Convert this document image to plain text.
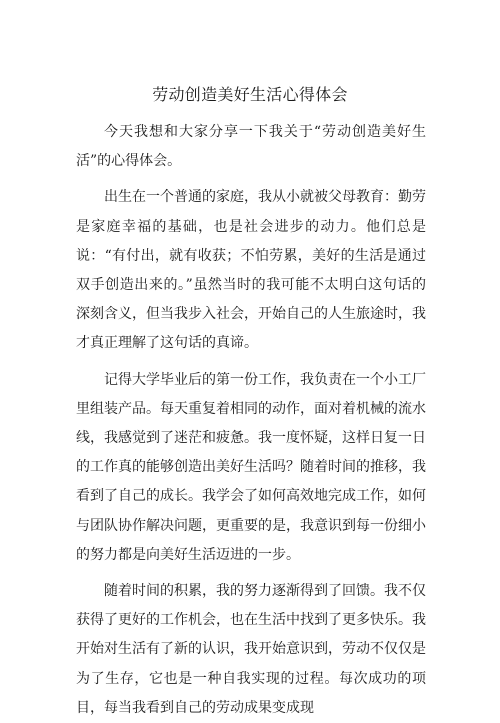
劳动创造美好生活心得体会

今天我想和大家分享一下我关于“劳动创造美好生活”的心得体会。

出生在一个普通的家庭，我从小就被父母教育：勤劳是家庭幸福的基础，也是社会进步的动力。他们总是说：“有付出，就有收获；不怕劳累，美好的生活是通过双手创造出来的。”虽然当时的我可能不太明白这句话的深刻含义，但当我步入社会，开始自己的人生旅途时，我才真正理解了这句话的真谛。

记得大学毕业后的第一份工作，我负责在一个小工厂里组装产品。每天重复着相同的动作，面对着机械的流水线，我感觉到了迷茫和疲惫。我一度怀疑，这样日复一日的工作真的能够创造出美好生活吗？随着时间的推移，我看到了自己的成长。我学会了如何高效地完成工作，如何与团队协作解决问题，更重要的是，我意识到每一份细小的努力都是向美好生活迈进的一步。

随着时间的积累，我的努力逐渐得到了回馈。我不仅获得了更好的工作机会，也在生活中找到了更多快乐。我开始对生活有了新的认识，我开始意识到，劳动不仅仅是为了生存，它也是一种自我实现的过程。每次成功的项目，每当我看到自己的劳动成果变成现
